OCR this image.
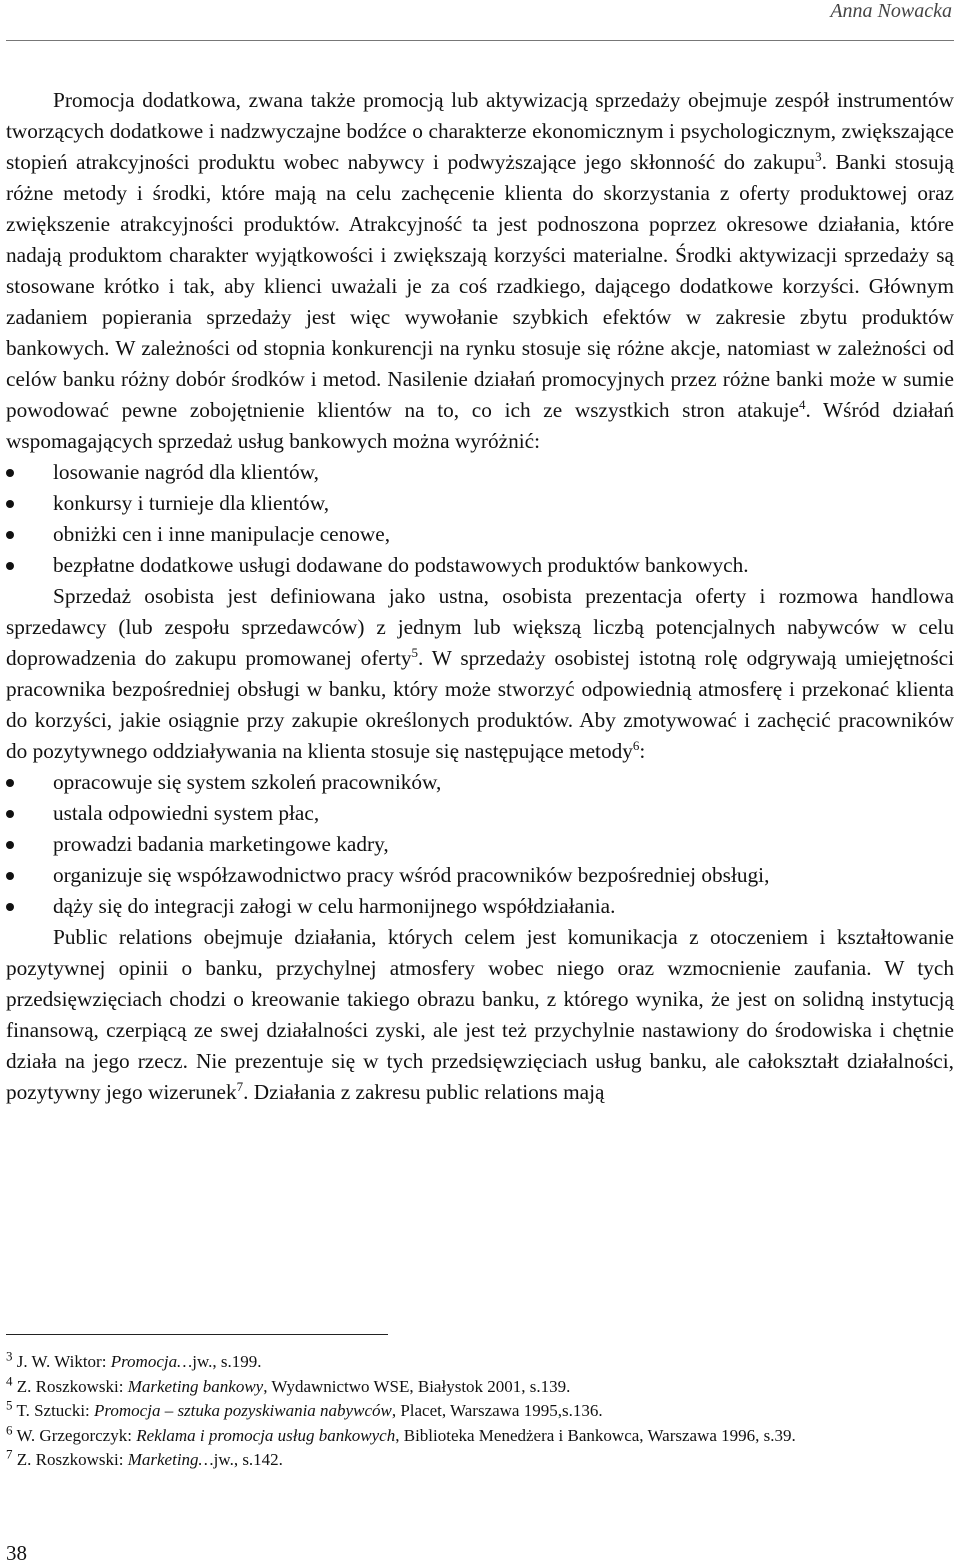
Anna Nowacka

Promocja dodatkowa, zwana także promocją lub aktywizacją sprzedaży obejmuje zespół instrumentów tworzących dodatkowe i nadzwyczajne bodźce o charakterze ekonomicznym i psychologicznym, zwiększające stopień atrakcyjności produktu wobec nabywcy i podwyższające jego skłonność do zakupu$^3$. Banki stosują różne metody i środki, które mają na celu zachęcenie klienta do skorzystania z oferty produktowej oraz zwiększenie atrakcyjności produktów. Atrakcyjność ta jest podnoszona poprzez okresowe działania, które nadają produktom charakter wyjątkowości i zwiększają korzyści materialne. Środki aktywizacji sprzedaży są stosowane krótko i tak, aby klienci uważali je za coś rzadkiego, dającego dodatkowe korzyści. Głównym zadaniem popierania sprzedaży jest więc wywołanie szybkich efektów w zakresie zbytu produktów bankowych. W zależności od stopnia konkurencji na rynku stosuje się różne akcje, natomiast w zależności od celów banku różny dobór środków i metod. Nasilenie działań promocyjnych przez różne banki może w sumie powodować pewne zobojętnienie klientów na to, co ich ze wszystkich stron atakuje$^4$. Wśród działań wspomagających sprzedaż usług bankowych można wyróżnić:

losowanie nagród dla klientów,
konkursy i turnieje dla klientów,
obniżki cen i inne manipulacje cenowe,
bezpłatne dodatkowe usługi dodawane do podstawowych produktów bankowych.

Sprzedaż osobista jest definiowana jako ustna, osobista prezentacja oferty i rozmowa handlowa sprzedawcy (lub zespołu sprzedawców) z jednym lub większą liczbą potencjalnych nabywców w celu doprowadzenia do zakupu promowanej oferty$^5$. W sprzedaży osobistej istotną rolę odgrywają umiejętności pracownika bezpośredniej obsługi w banku, który może stworzyć odpowiednią atmosferę i przekonać klienta do korzyści, jakie osiągnie przy zakupie określonych produktów. Aby zmotywować i zachęcić pracowników do pozytywnego oddziaływania na klienta stosuje się następujące metody$^6$:

opracowuje się system szkoleń pracowników,
ustala odpowiedni system płac,
prowadzi badania marketingowe kadry,
organizuje się współzawodnictwo pracy wśród pracowników bezpośredniej obsługi,
dąży się do integracji załogi w celu harmonijnego współdziałania.

Public relations obejmuje działania, których celem jest komunikacja z otoczeniem i kształtowanie pozytywnej opinii o banku, przychylnej atmosfery wobec niego oraz wzmocnienie zaufania. W tych przedsięwzięciach chodzi o kreowanie takiego obrazu banku, z którego wynika, że jest on solidną instytucją finansową, czerpiącą ze swej działalności zyski, ale jest też przychylnie nastawiony do środowiska i chętnie działa na jego rzecz. Nie prezentuje się w tych przedsięwzięciach usług banku, ale całokształt działalności, pozytywny jego wizerunek$^7$. Działania z zakresu public relations mają

$^3$ J. W. Wiktor: Promocja…jw., s.199.

$^4$ Z. Roszkowski: Marketing bankowy, Wydawnictwo WSE, Białystok 2001, s.139.

$^5$ T. Sztucki: Promocja – sztuka pozyskiwania nabywców, Placet, Warszawa 1995,s.136.

$^6$ W. Grzegorczyk: Reklama i promocja usług bankowych, Biblioteka Menedżera i Bankowca, Warszawa 1996, s.39.

$^7$ Z. Roszkowski: Marketing…jw., s.142.

38
